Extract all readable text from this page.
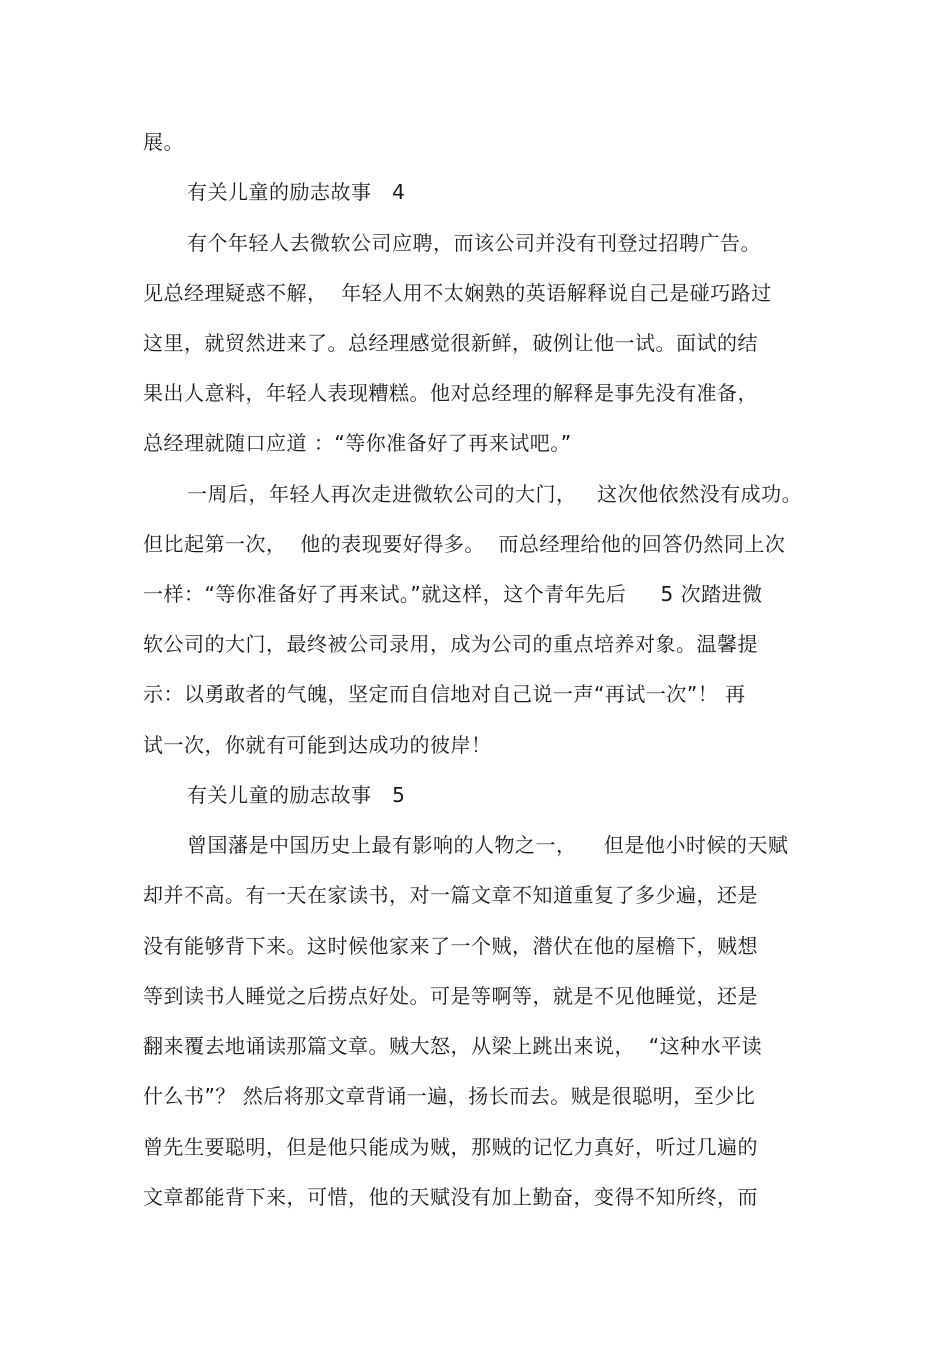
展。
有关儿童的励志故事   4
有个年轻人去微软公司应聘，而该公司并没有刊登过招聘广告。
见总经理疑惑不解，  年轻人用不太娴熟的英语解释说自己是碰巧路过
这里，就贸然进来了。总经理感觉很新鲜，破例让他一试。面试的结
果出人意料，年轻人表现糟糕。他对总经理的解释是事先没有准备，
总经理就随口应道 ：“等你准备好了再来试吧。”
一周后，年轻人再次走进微软公司的大门，   这次他依然没有成功。
但比起第一次，  他的表现要好得多。  而总经理给他的回答仍然同上次
一样：“等你准备好了再来试。”就这样，这个青年先后     5 次踏进微
软公司的大门，最终被公司录用，成为公司的重点培养对象。温馨提
示：以勇敢者的气魄，坚定而自信地对自己说一声“再试一次”！ 再
试一次，你就有可能到达成功的彼岸！
有关儿童的励志故事   5
曾国藩是中国历史上最有影响的人物之一，    但是他小时候的天赋
却并不高。有一天在家读书，对一篇文章不知道重复了多少遍，还是
没有能够背下来。这时候他家来了一个贼，潜伏在他的屋檐下，贼想
等到读书人睡觉之后捞点好处。可是等啊等，就是不见他睡觉，还是
翻来覆去地诵读那篇文章。贼大怒，从梁上跳出来说，  “这种水平读
什么书”？ 然后将那文章背诵一遍，扬长而去。贼是很聪明，至少比
曾先生要聪明，但是他只能成为贼，那贼的记忆力真好，听过几遍的
文章都能背下来，可惜，他的天赋没有加上勤奋，变得不知所终，而
